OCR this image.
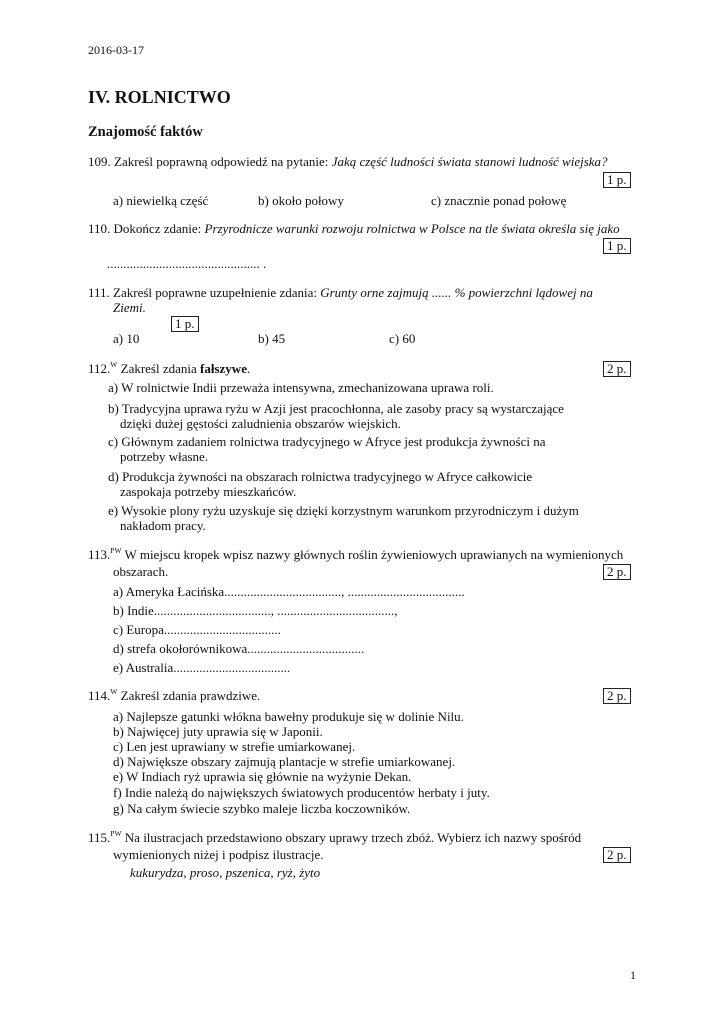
2016-03-17
IV. ROLNICTWO
Znajomość faktów
109. Zakreśl poprawną odpowiedź na pytanie: Jaką część ludności świata stanowi ludność wiejska?
1 p.
a) niewielką część	b) około połowy	c) znacznie ponad połowę
110. Dokończ zdanie: Przyrodnicze warunki rozwoju rolnictwa w Polsce na tle świata określa się jako
1 p.
............................................... .
111. Zakreśl poprawne uzupełnienie zdania: Grunty orne zajmują ...... % powierzchni lądowej na
Ziemi.
1 p.
a) 10	b) 45	c) 60
112.$^W$ Zakreśl zdania fałszywe.	2 p.
a) W rolnictwie Indii przeważa intensywna, zmechanizowana uprawa roli.
b) Tradycyjna uprawa ryżu w Azji jest pracochłonna, ale zasoby pracy są wystarczające
dzięki dużej gęstości zaludnienia obszarów wiejskich.
c) Głównym zadaniem rolnictwa tradycyjnego w Afryce jest produkcja żywności na
potrzeby własne.
d) Produkcja żywności na obszarach rolnictwa tradycyjnego w Afryce całkowicie
zaspokaja potrzeby mieszkańców.
e) Wysokie plony ryżu uzyskuje się dzięki korzystnym warunkom przyrodniczym i dużym
nakładom pracy.
113.$^{PW}$ W miejscu kropek wpisz nazwy głównych roślin żywieniowych uprawianych na wymienionych
obszarach.	2 p.
a) Ameryka Łacińska...................................., ....................................
b) Indie...................................., ....................................,
c) Europa....................................
d) strefa okołorównikowa....................................
e) Australia....................................
114.$^W$ Zakreśl zdania prawdziwe.	2 p.
a) Najlepsze gatunki włókna bawełny produkuje się w dolinie Nilu.
b) Najwięcej juty uprawia się w Japonii.
c) Len jest uprawiany w strefie umiarkowanej.
d) Największe obszary zajmują plantacje w strefie umiarkowanej.
e) W Indiach ryż uprawia się głównie na wyżynie Dekan.
f) Indie należą do największych światowych producentów herbaty i juty.
g) Na całym świecie szybko maleje liczba koczowników.
115.$^{PW}$ Na ilustracjach przedstawiono obszary uprawy trzech zbóż. Wybierz ich nazwy spośród
wymienionych niżej i podpisz ilustracje.	2 p.
kukurydza, proso, pszenica, ryż, żyto
1
